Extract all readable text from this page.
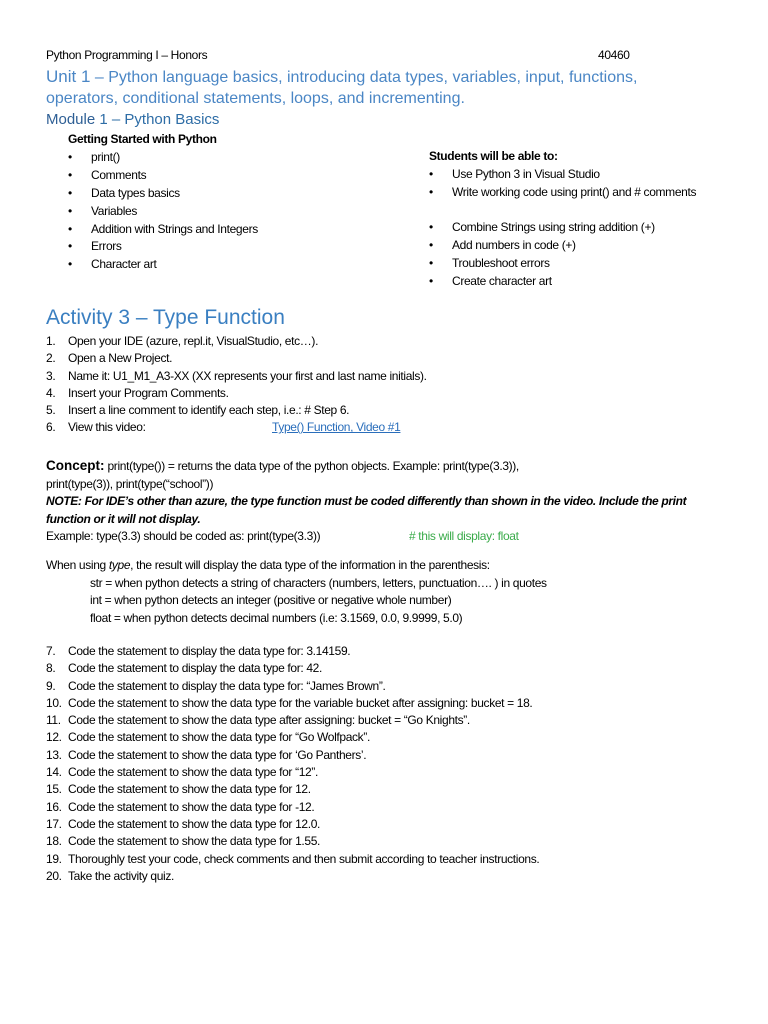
Python Programming I – Honors	40460
Unit 1 – Python language basics, introducing data types, variables, input, functions, operators, conditional statements, loops, and incrementing.
Module 1 – Python Basics
Getting Started with Python
• print()
• Comments
• Data types basics
• Variables
• Addition with Strings and Integers
• Errors
• Character art
Students will be able to:
• Use Python 3 in Visual Studio
• Write working code using print() and # comments
• Combine Strings using string addition (+)
• Add numbers in code (+)
• Troubleshoot errors
• Create character art
Activity 3 – Type Function
1. Open your IDE (azure, repl.it, VisualStudio, etc…).
2. Open a New Project.
3. Name it: U1_M1_A3-XX (XX represents your first and last name initials).
4. Insert your Program Comments.
5. Insert a line comment to identify each step, i.e.: # Step 6.
6. View this video:	Type() Function, Video #1
Concept: print(type()) = returns the data type of the python objects. Example: print(type(3.3)),
print(type(3)), print(type(“school”))
NOTE: For IDE’s other than azure, the type function must be coded differently than shown in the video. Include the print function or it will not display.
Example: type(3.3) should be coded as: print(type(3.3))	# this will display: float
When using type, the result will display the data type of the information in the parenthesis:
str = when python detects a string of characters (numbers, letters, punctuation…. ) in quotes
int = when python detects an integer (positive or negative whole number)
float = when python detects decimal numbers (i.e: 3.1569, 0.0, 9.9999, 5.0)
7. Code the statement to display the data type for: 3.14159.
8. Code the statement to display the data type for: 42.
9. Code the statement to display the data type for: “James Brown”.
10. Code the statement to show the data type for the variable bucket after assigning: bucket = 18.
11. Code the statement to show the data type after assigning: bucket = “Go Knights”.
12. Code the statement to show the data type for “Go Wolfpack”.
13. Code the statement to show the data type for ‘Go Panthers’.
14. Code the statement to show the data type for “12”.
15. Code the statement to show the data type for 12.
16. Code the statement to show the data type for -12.
17. Code the statement to show the data type for 12.0.
18. Code the statement to show the data type for 1.55.
19. Thoroughly test your code, check comments and then submit according to teacher instructions.
20. Take the activity quiz.
